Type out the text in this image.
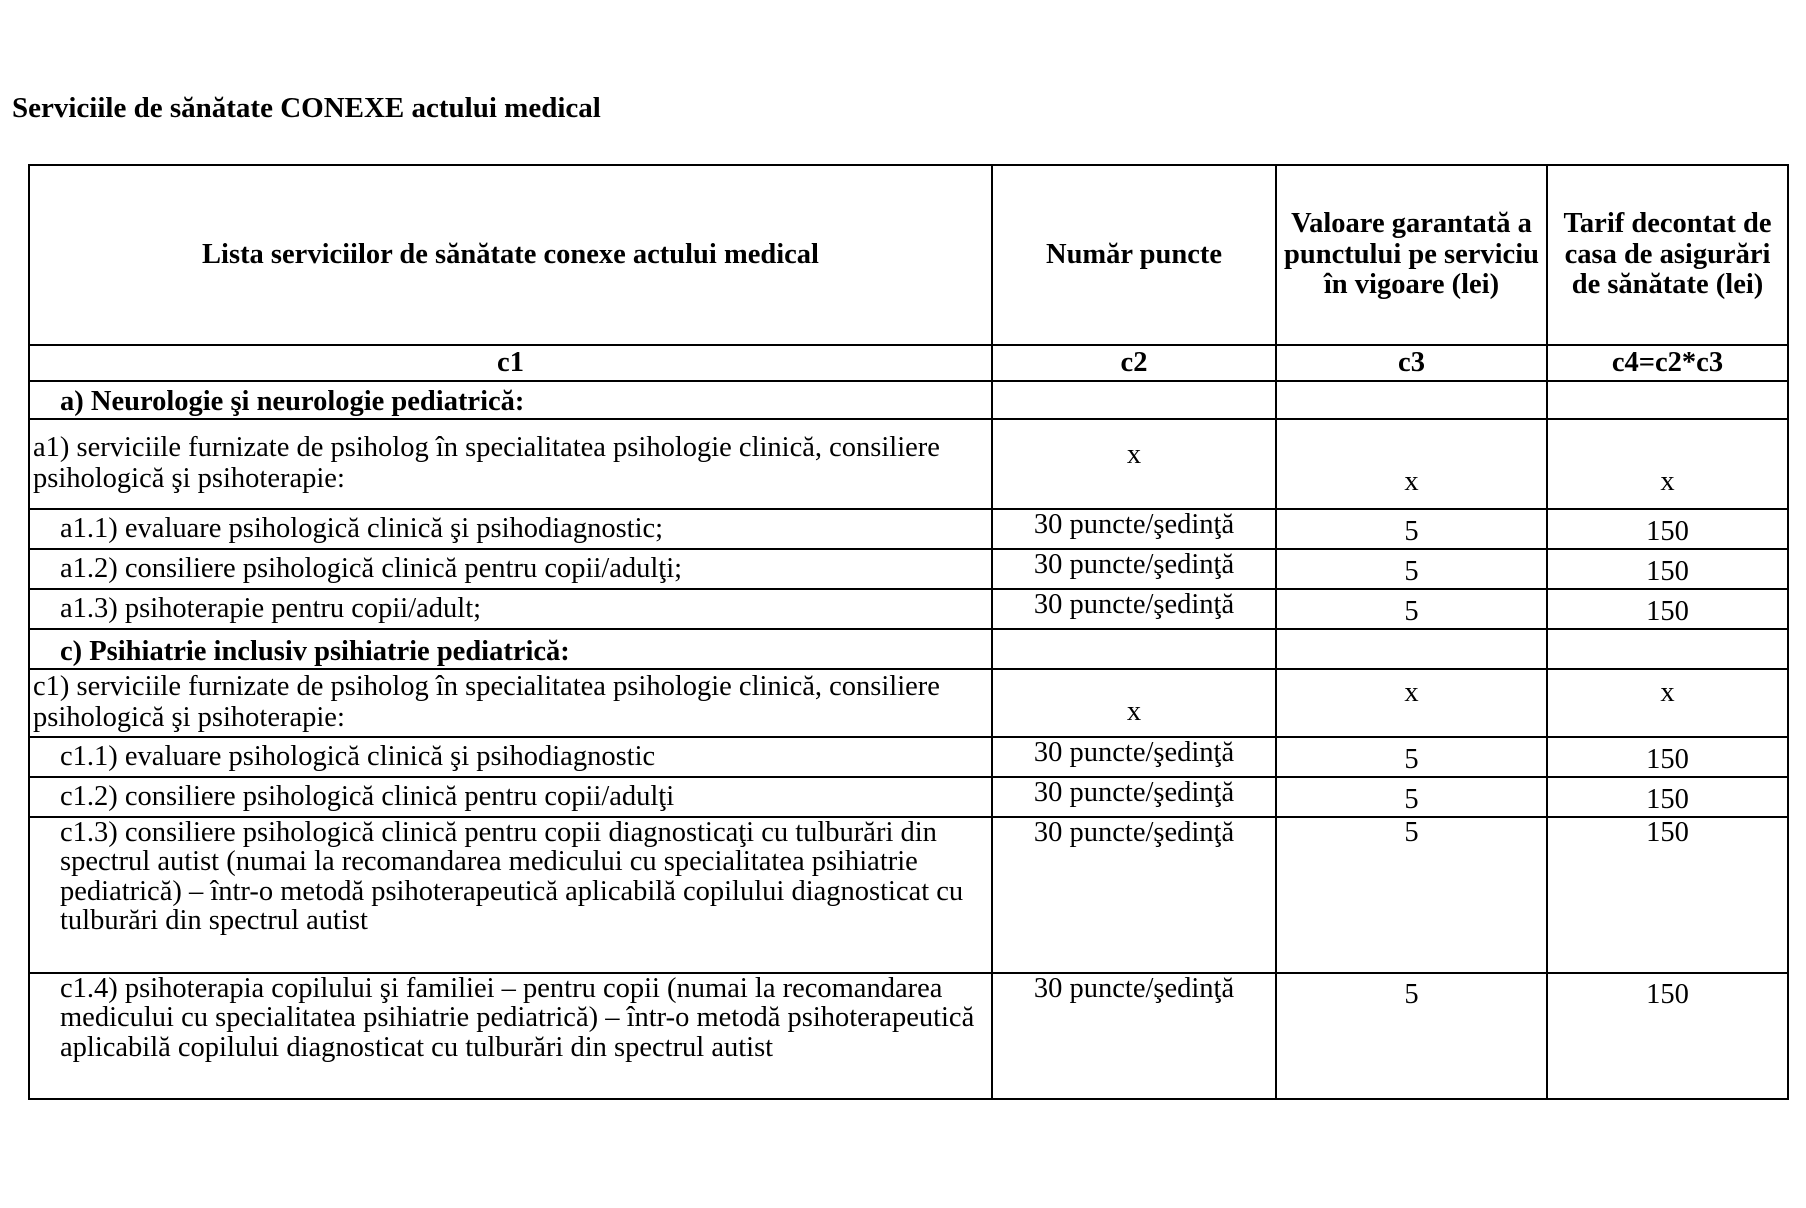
Serviciile de sănătate CONEXE actului medical
Lista serviciilor de sănătate conexe actului medical	Număr puncte	Valoare garantată a punctului pe serviciu în vigoare (lei)	Tarif decontat de casa de asigurări de sănătate (lei)
c1	c2	c3	c4=c2*c3
a) Neurologie şi neurologie pediatrică:			
a1) serviciile furnizate de psiholog în specialitatea psihologie clinică, consiliere psihologică şi psihoterapie:	x	x	x
a1.1) evaluare psihologică clinică şi psihodiagnostic;	30 puncte/şedinţă	5	150
a1.2) consiliere psihologică clinică pentru copii/adulţi;	30 puncte/şedinţă	5	150
a1.3) psihoterapie pentru copii/adult;	30 puncte/şedinţă	5	150
c) Psihiatrie inclusiv psihiatrie pediatrică:			
c1) serviciile furnizate de psiholog în specialitatea psihologie clinică, consiliere psihologică şi psihoterapie:	x	x	x
c1.1) evaluare psihologică clinică şi psihodiagnostic	30 puncte/şedinţă	5	150
c1.2) consiliere psihologică clinică pentru copii/adulţi	30 puncte/şedinţă	5	150
c1.3) consiliere psihologică clinică pentru copii diagnosticaţi cu tulburări din spectrul autist (numai la recomandarea medicului cu specialitatea psihiatrie pediatrică) – într-o metodă psihoterapeutică aplicabilă copilului diagnosticat cu tulburări din spectrul autist	30 puncte/şedinţă	5	150
c1.4) psihoterapia copilului şi familiei – pentru copii (numai la recomandarea medicului cu specialitatea psihiatrie pediatrică) – într-o metodă psihoterapeutică aplicabilă copilului diagnosticat cu tulburări din spectrul autist	30 puncte/şedinţă	5	150
